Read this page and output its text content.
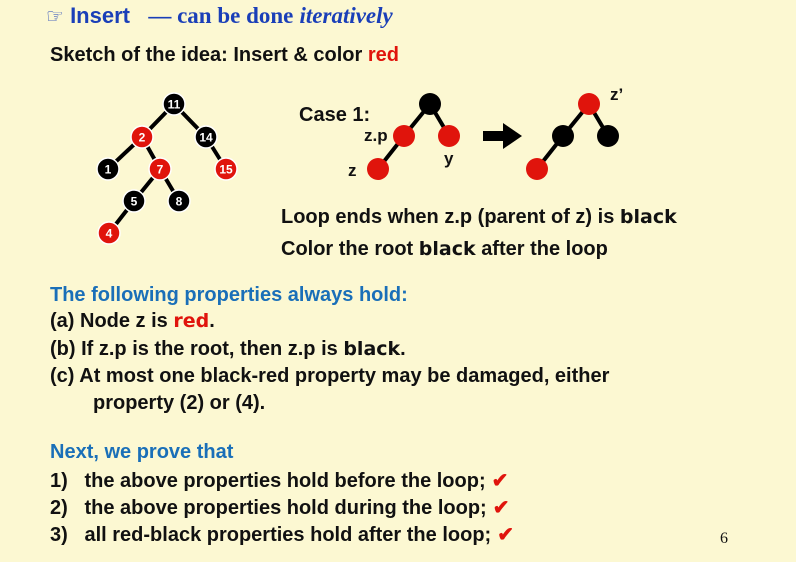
☞ Insert — can be done iteratively
Sketch of the idea: Insert & color red
11
2	14
1	7	15
5	8
4
Case 1:
z.p
z
y
z’
Loop ends when z.p (parent of z) is black
Color the root black after the loop
The following properties always hold:
(a) Node z is red.
(b) If z.p is the root, then z.p is black.
(c) At most one black-red property may be damaged, either
property (2) or (4).
Next, we prove that
1) the above properties hold before the loop; ✔
2) the above properties hold during the loop; ✔
3) all red-black properties hold after the loop; ✔	6
